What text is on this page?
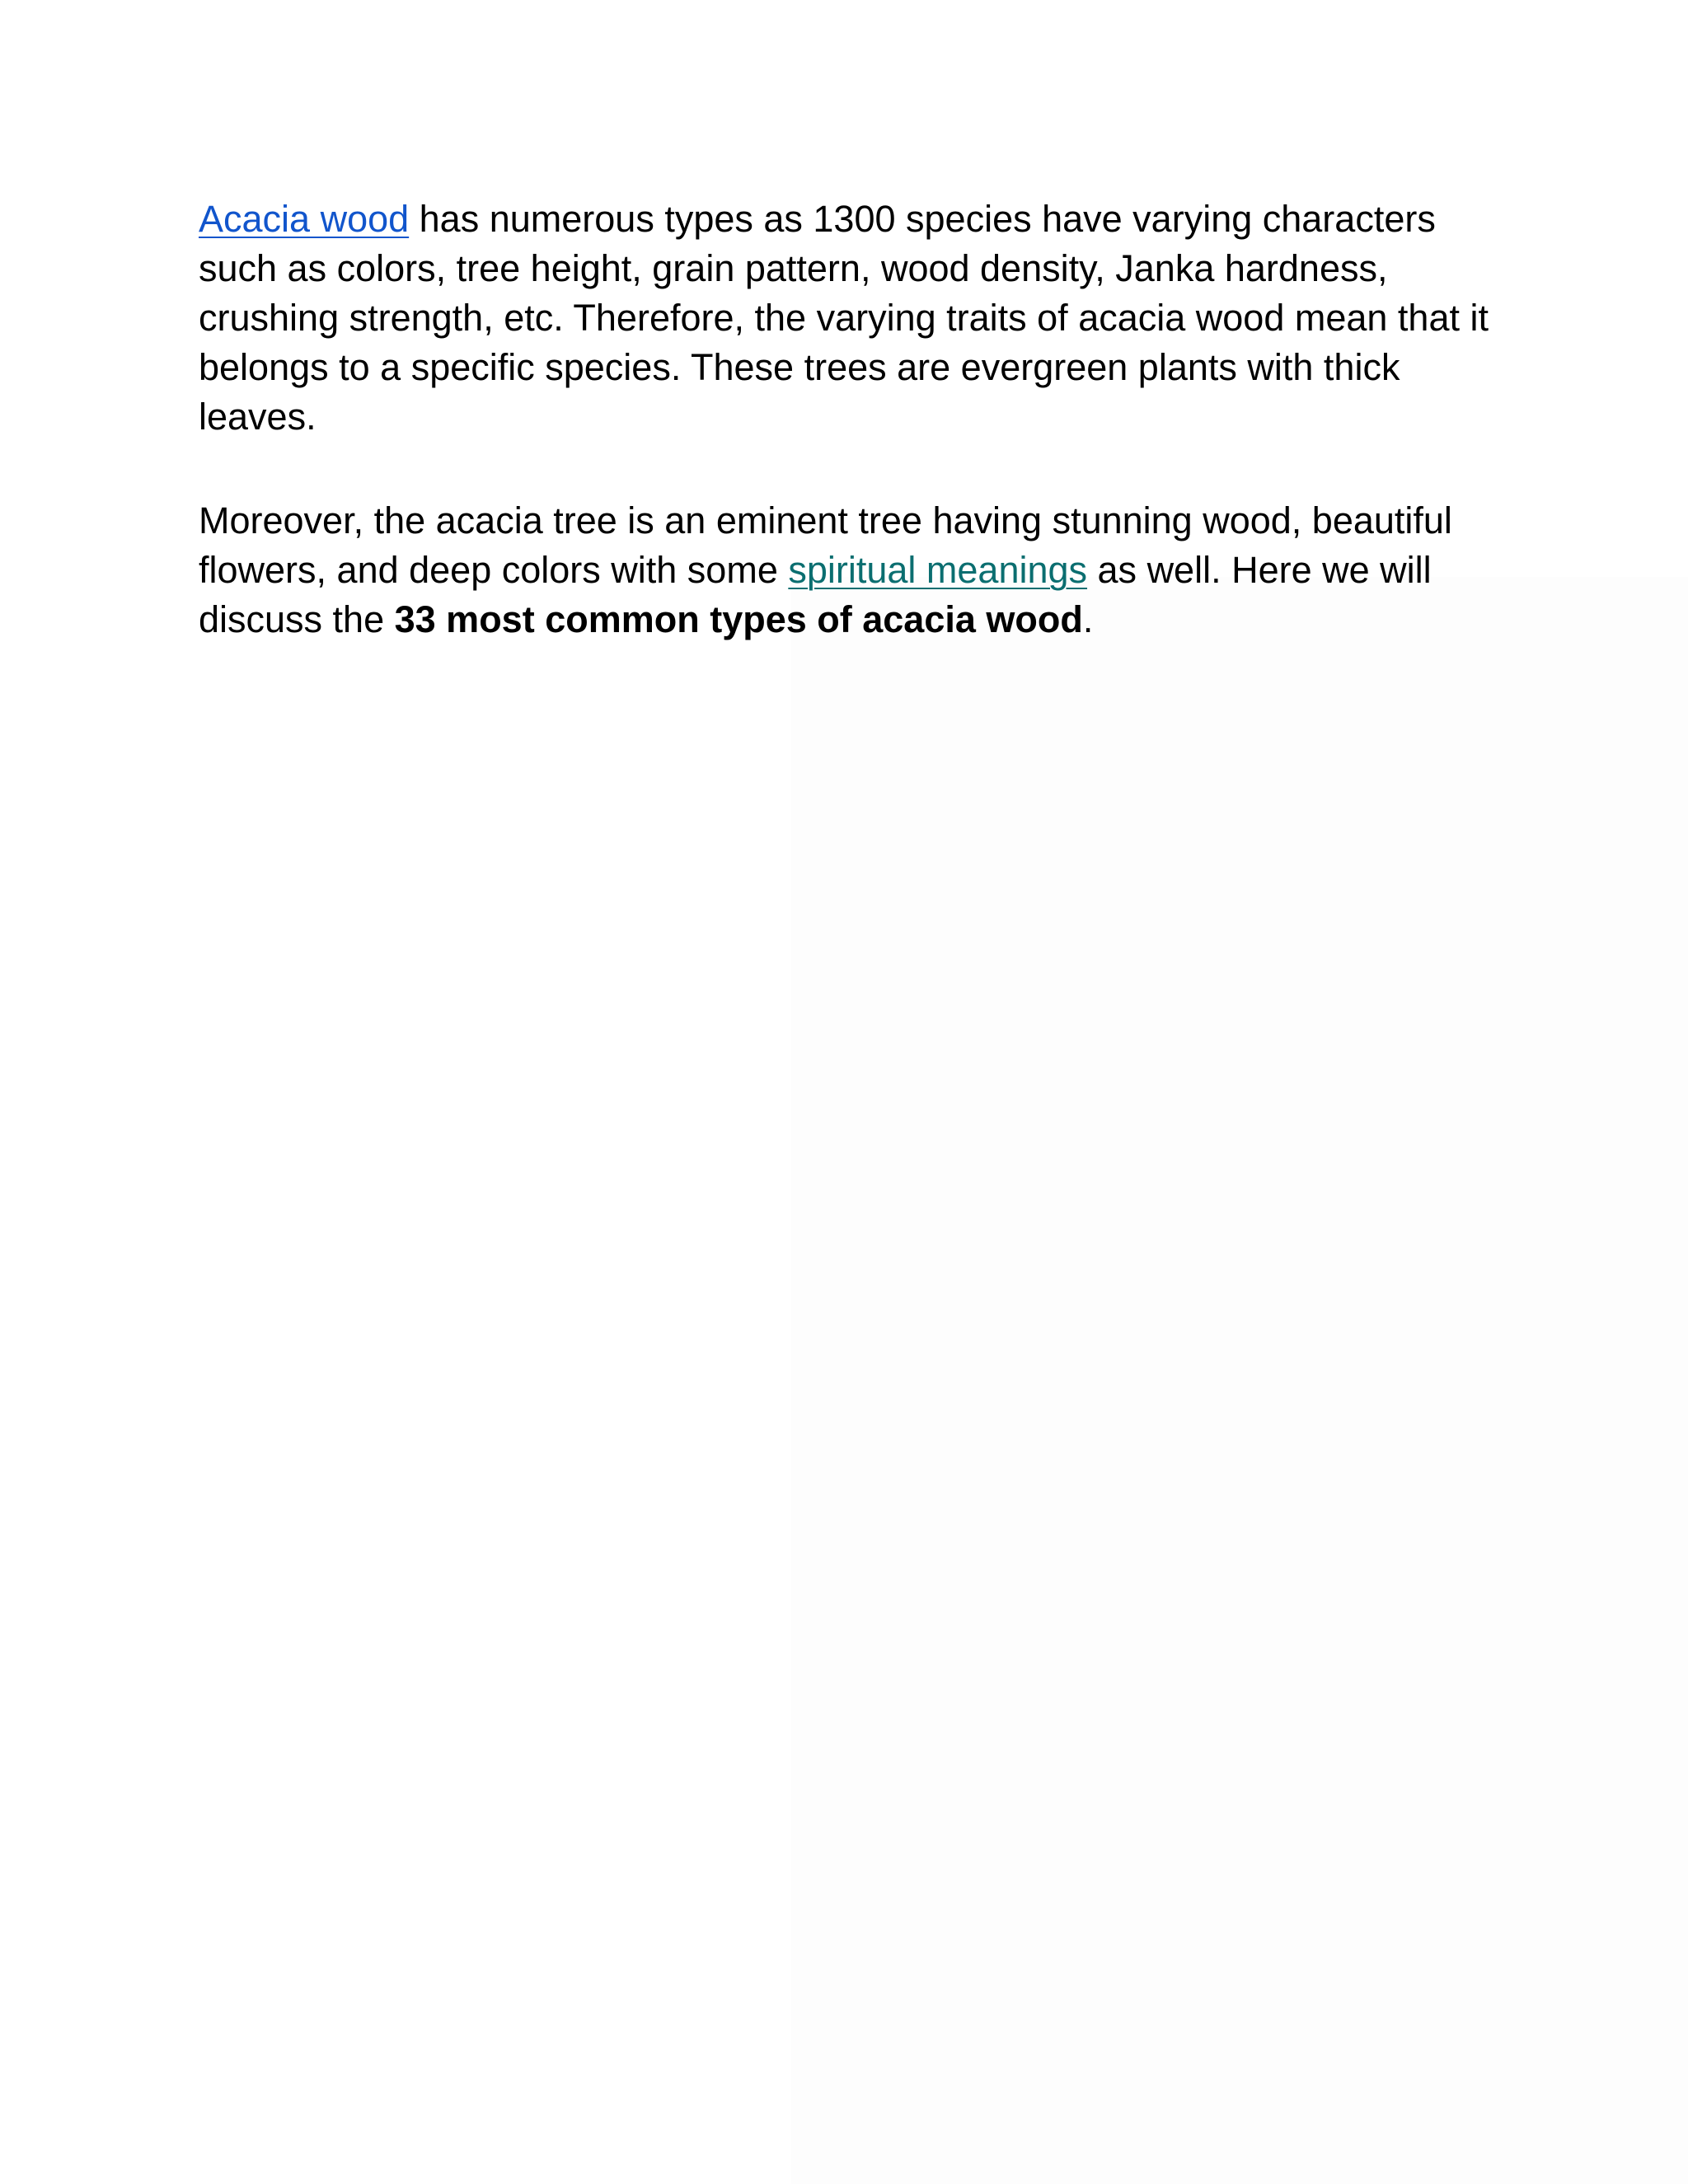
Acacia wood has numerous types as 1300 species have varying characters such as colors, tree height, grain pattern, wood density, Janka hardness, crushing strength, etc. Therefore, the varying traits of acacia wood mean that it belongs to a specific species. These trees are evergreen plants with thick leaves.

Moreover, the acacia tree is an eminent tree having stunning wood, beautiful flowers, and deep colors with some spiritual meanings as well. Here we will discuss the 33 most common types of acacia wood.
